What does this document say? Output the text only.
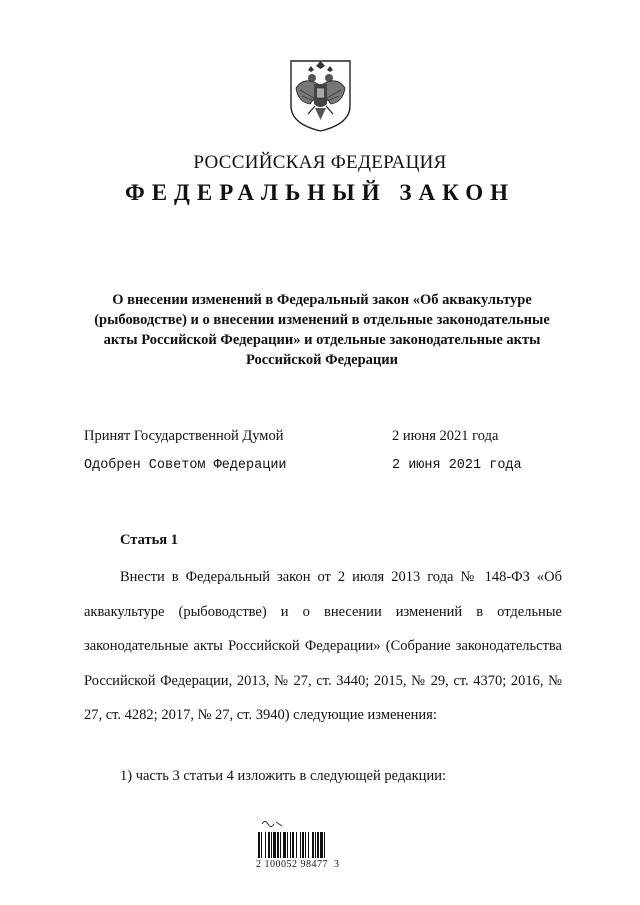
РОССИЙСКАЯ ФЕДЕРАЦИЯ
ФЕДЕРАЛЬНЫЙ ЗАКОН
О внесении изменений в Федеральный закон «Об аквакультуре (рыбоводстве) и о внесении изменений в отдельные законодательные акты Российской Федерации» и отдельные законодательные акты Российской Федерации
Принят Государственной Думой	2 июня 2021 года
Одобрен Советом Федерации	2 июня 2021 года
Статья 1

Внести в Федеральный закон от 2 июля 2013 года № 148-ФЗ «Об аквакультуре (рыбоводстве) и о внесении изменений в отдельные законодательные акты Российской Федерации» (Собрание законодательства Российской Федерации, 2013, № 27, ст. 3440; 2015, № 29, ст. 4370; 2016, № 27, ст. 4282; 2017, № 27, ст. 3940) следующие изменения:

1) часть 3 статьи 4 изложить в следующей редакции:
2 100052 98477  3
